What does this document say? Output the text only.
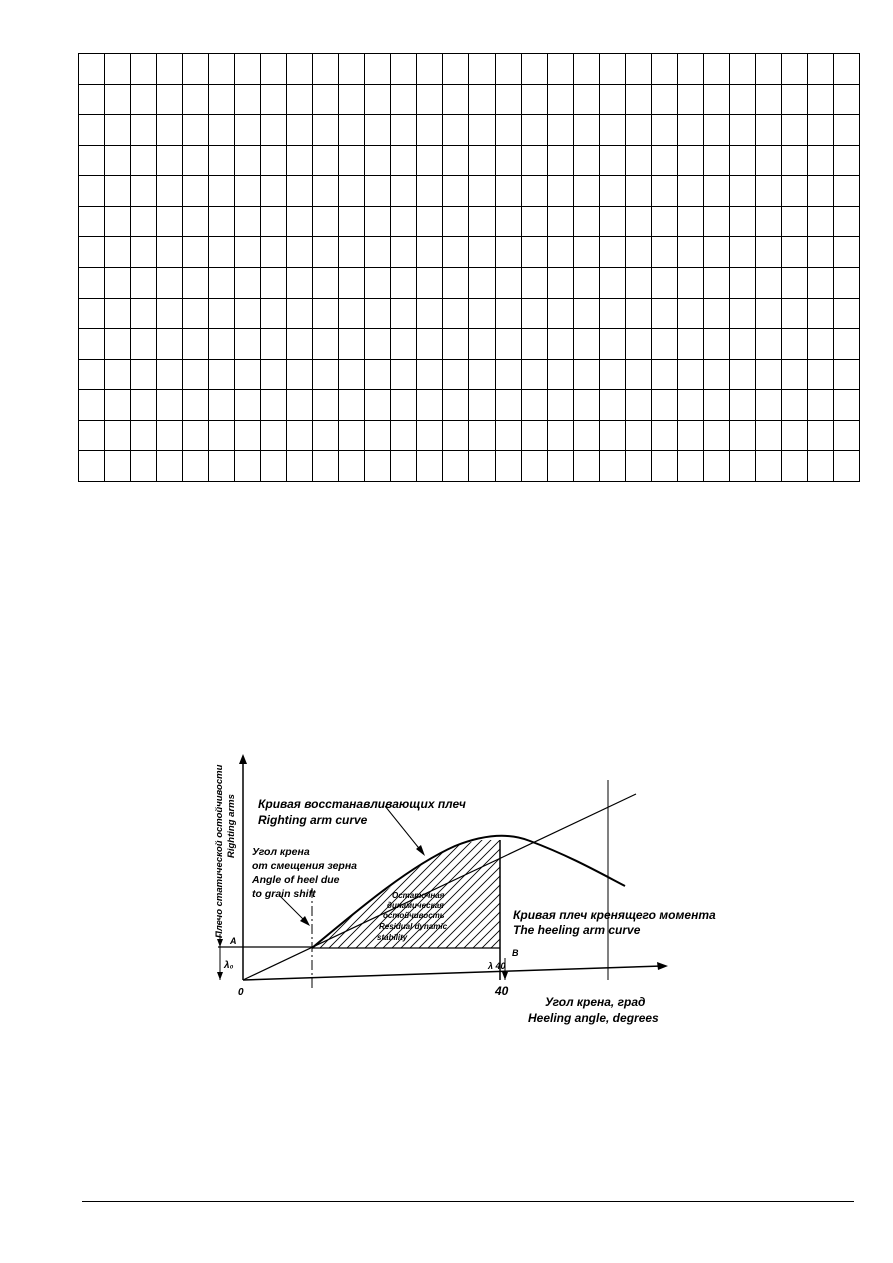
Плечо статической остойчивости Righting arms Кривая восстанавливающих плеч
Righting arm curve
Угол крена
от смещения зерна
Angle of heel due
to grain shift	Остаточная
динамическая
остойчивость
Residual dynamic
stability
Кривая плеч кренящего момента
The heeling arm curve
A
B
λ₀	λ 40
0	40
Угол крена, град
Heeling angle, degrees
